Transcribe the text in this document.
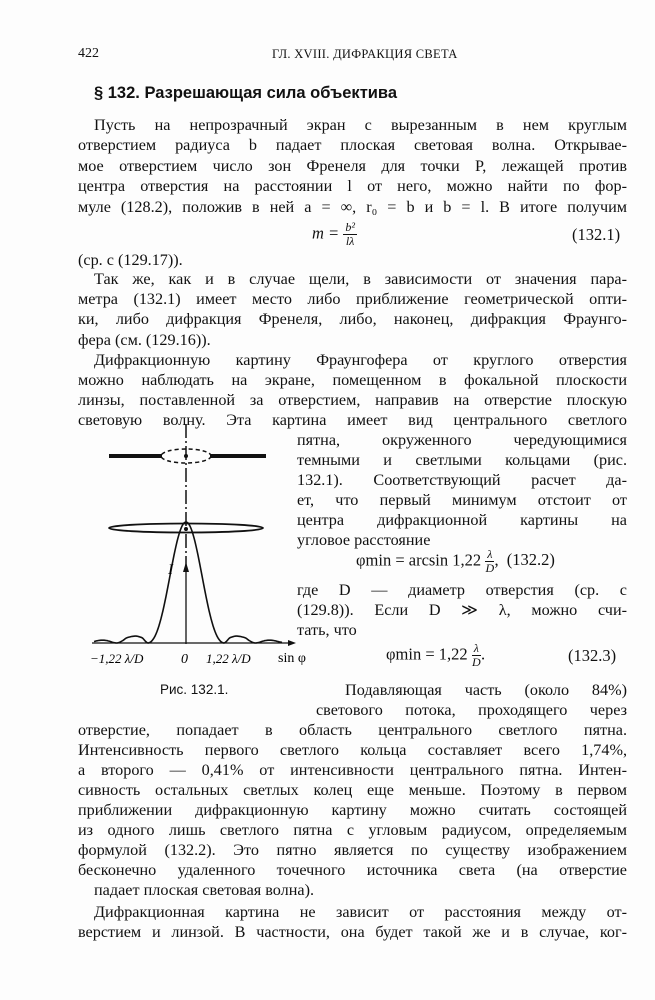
422	ГЛ. XVIII. ДИФРАКЦИЯ СВЕТА
§ 132. Разрешающая сила объектива
Пусть на непрозрачный экран с вырезанным в нем круглым
отверстием радиуса b падает плоская световая волна. Открывае-
мое отверстием число зон Френеля для точки P, лежащей против
центра отверстия на расстоянии l от него, можно найти по фор-
муле (128.2), положив в ней a = ∞, r₀ = b и b = l. В итоге получим
(ср. с (129.17)).
Так же, как и в случае щели, в зависимости от значения пара-
метра (132.1) имеет место либо приближение геометрической опти-
ки, либо дифракция Френеля, либо, наконец, дифракция Фраунго-
фера (см. (129.16)).
Дифракционную картину Фраунгофера от круглого отверстия
можно наблюдать на экране, помещенном в фокальной плоскости
линзы, поставленной за отверстием, направив на отверстие плоскую
световую волну. Эта картина имеет вид центрального светлого
пятна, окруженного чередующимися
темными и светлыми кольцами (рис.
132.1). Соответствующий расчет да-
ет, что первый минимум отстоит от
центра дифракционной картины на
угловое расстояние
где D — диаметр отверстия (ср. с
(129.8)). Если D ≫ λ, можно счи-
тать, что
Подавляющая часть (около 84%)
светового потока, проходящего через
отверстие, попадает в область центрального светлого пятна.
Интенсивность первого светлого кольца составляет всего 1,74%,
а второго — 0,41% от интенсивности центрального пятна. Интен-
сивность остальных светлых колец еще меньше. Поэтому в первом
приближении дифракционную картину можно считать состоящей
из одного лишь светлого пятна с угловым радиусом, определяемым
формулой (132.2). Это пятно является по существу изображением
бесконечно удаленного точечного источника света (на отверстие
падает плоская световая волна).
Дифракционная картина не зависит от расстояния между от-
верстием и линзой. В частности, она будет такой же и в случае, ког-
$m = \frac{\text{b²}}{l\lambda}$	(132.1)
$\varphi\min = \arcsin 1,22 \frac{\lambda}{D}$ , (132.2)
$\varphi\min = 1,22 \frac{\lambda}{D}$ .	(132.3)
I
0
−1,22 λ/D	1,22 λ/D sin φ
Рис. 132.1.
